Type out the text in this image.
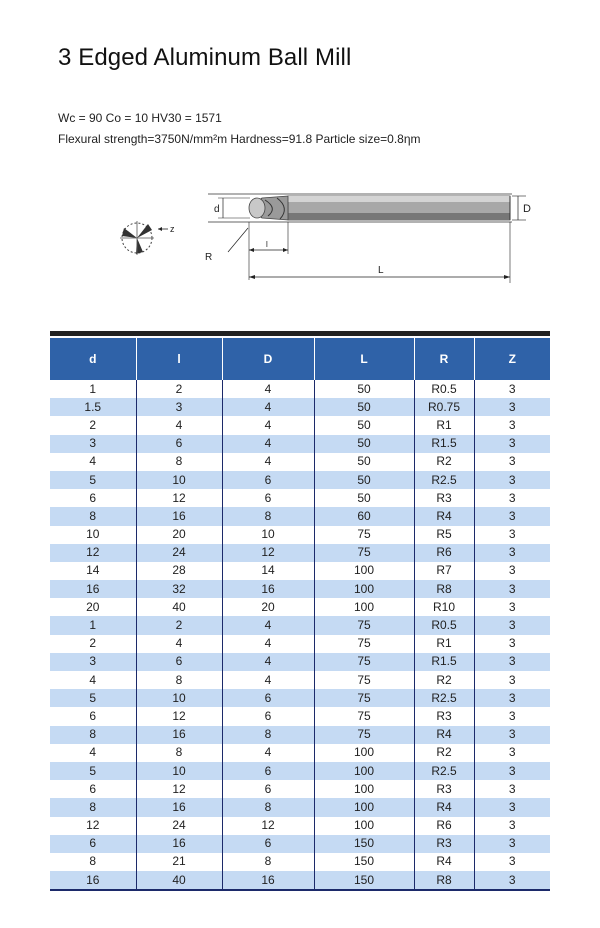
3 Edged Aluminum Ball Mill
Wc = 90 Co = 10 HV30 = 1571
Flexural strength=3750N/mm²m Hardness=91.8 Particle size=0.8ηm
z
d	D
R
l
L
d	l	D	L	R	Z
1	2	4	50	R0.5	3
1.5	3	4	50	R0.75	3
2	4	4	50	R1	3
3	6	4	50	R1.5	3
4	8	4	50	R2	3
5	10	6	50	R2.5	3
6	12	6	50	R3	3
8	16	8	60	R4	3
10	20	10	75	R5	3
12	24	12	75	R6	3
14	28	14	100	R7	3
16	32	16	100	R8	3
20	40	20	100	R10	3
1	2	4	75	R0.5	3
2	4	4	75	R1	3
3	6	4	75	R1.5	3
4	8	4	75	R2	3
5	10	6	75	R2.5	3
6	12	6	75	R3	3
8	16	8	75	R4	3
4	8	4	100	R2	3
5	10	6	100	R2.5	3
6	12	6	100	R3	3
8	16	8	100	R4	3
12	24	12	100	R6	3
6	16	6	150	R3	3
8	21	8	150	R4	3
16	40	16	150	R8	3
